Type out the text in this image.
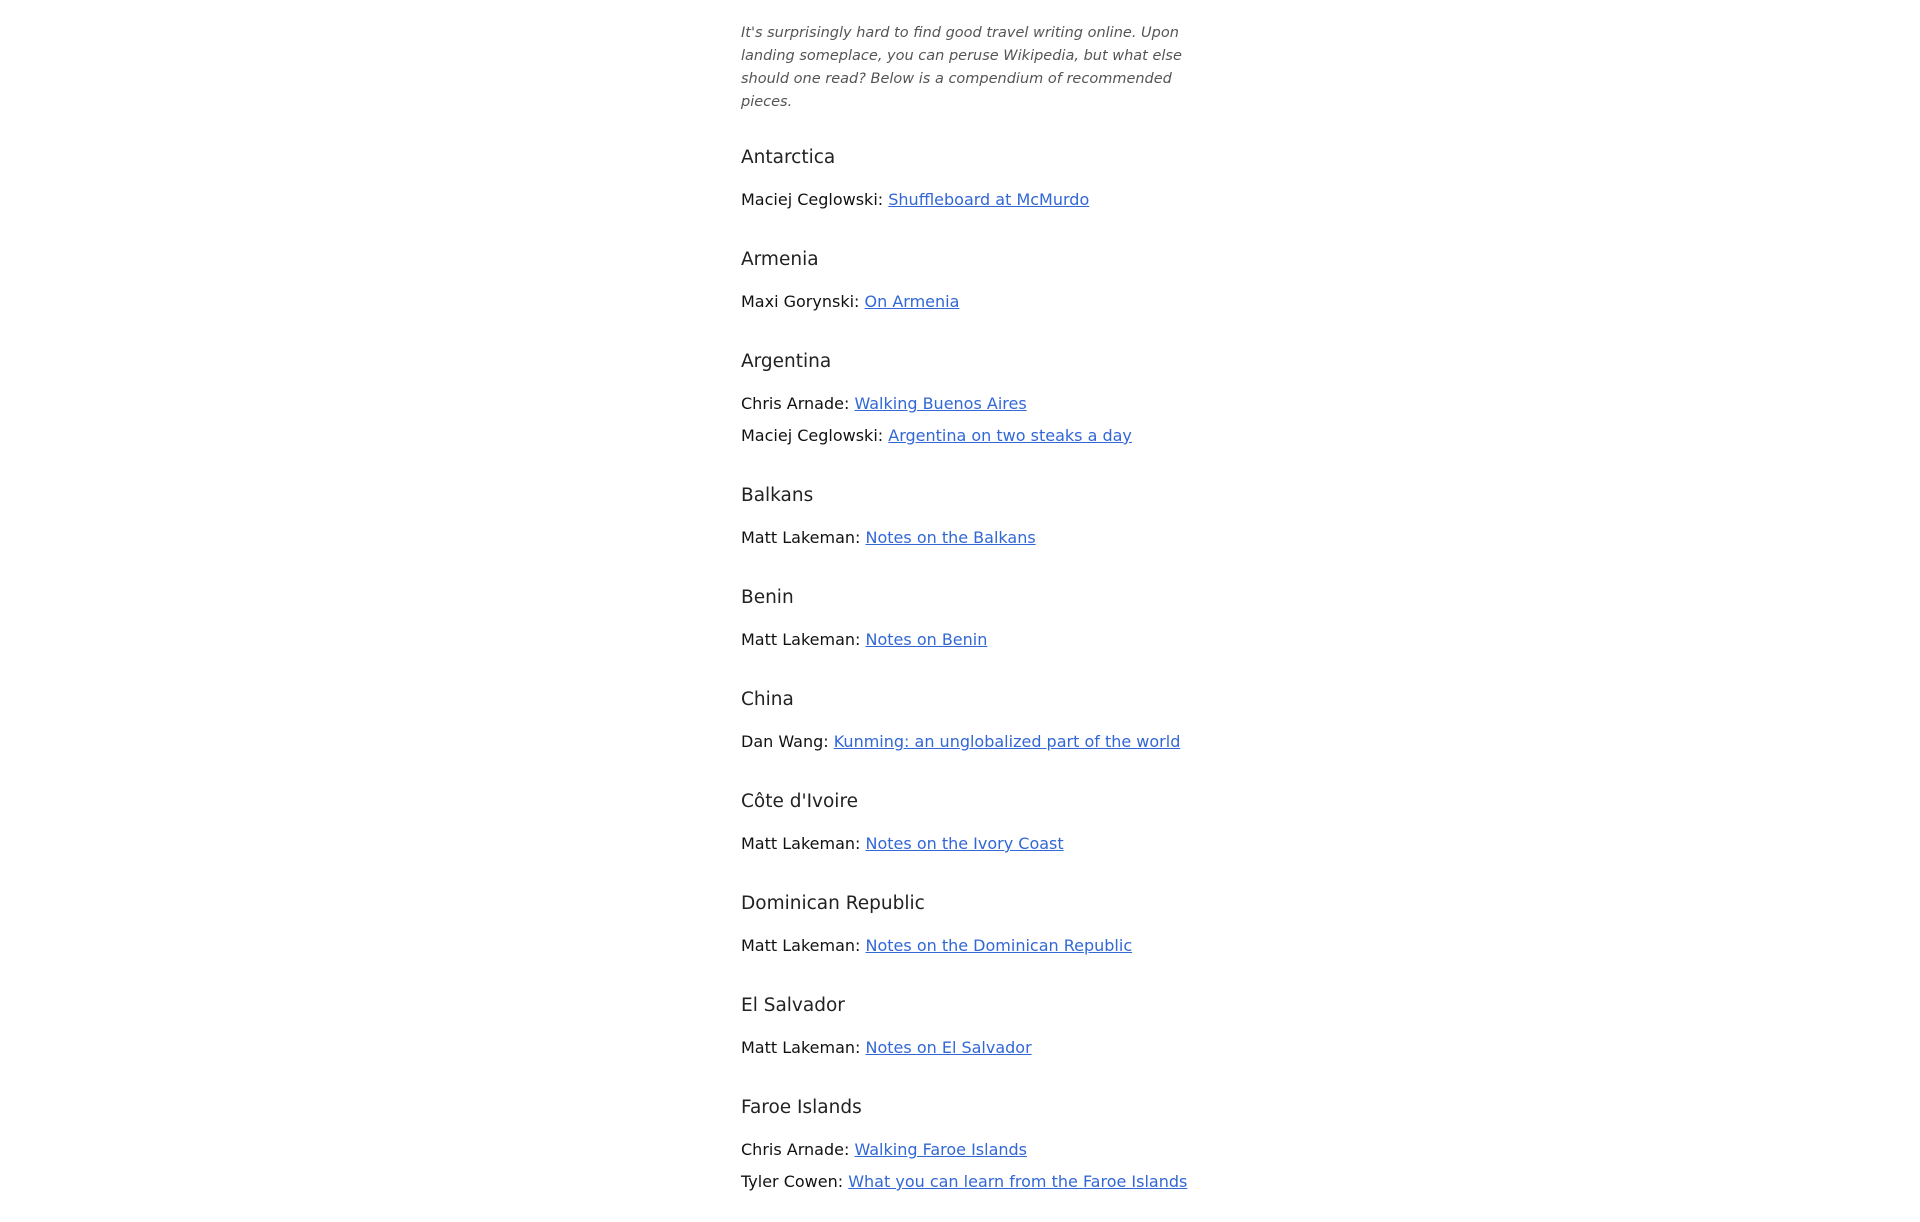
It's surprisingly hard to find good travel writing online. Upon landing someplace, you can peruse Wikipedia, but what else should one read? Below is a compendium of recommended pieces.

Antarctica
Maciej Ceglowski: Shuffleboard at McMurdo
Armenia
Maxi Gorynski: On Armenia
Argentina
Chris Arnade: Walking Buenos Aires
Maciej Ceglowski: Argentina on two steaks a day
Balkans
Matt Lakeman: Notes on the Balkans
Benin
Matt Lakeman: Notes on Benin
China
Dan Wang: Kunming: an unglobalized part of the world
Côte d'Ivoire
Matt Lakeman: Notes on the Ivory Coast
Dominican Republic
Matt Lakeman: Notes on the Dominican Republic
El Salvador
Matt Lakeman: Notes on El Salvador
Faroe Islands
Chris Arnade: Walking Faroe Islands
Tyler Cowen: What you can learn from the Faroe Islands
